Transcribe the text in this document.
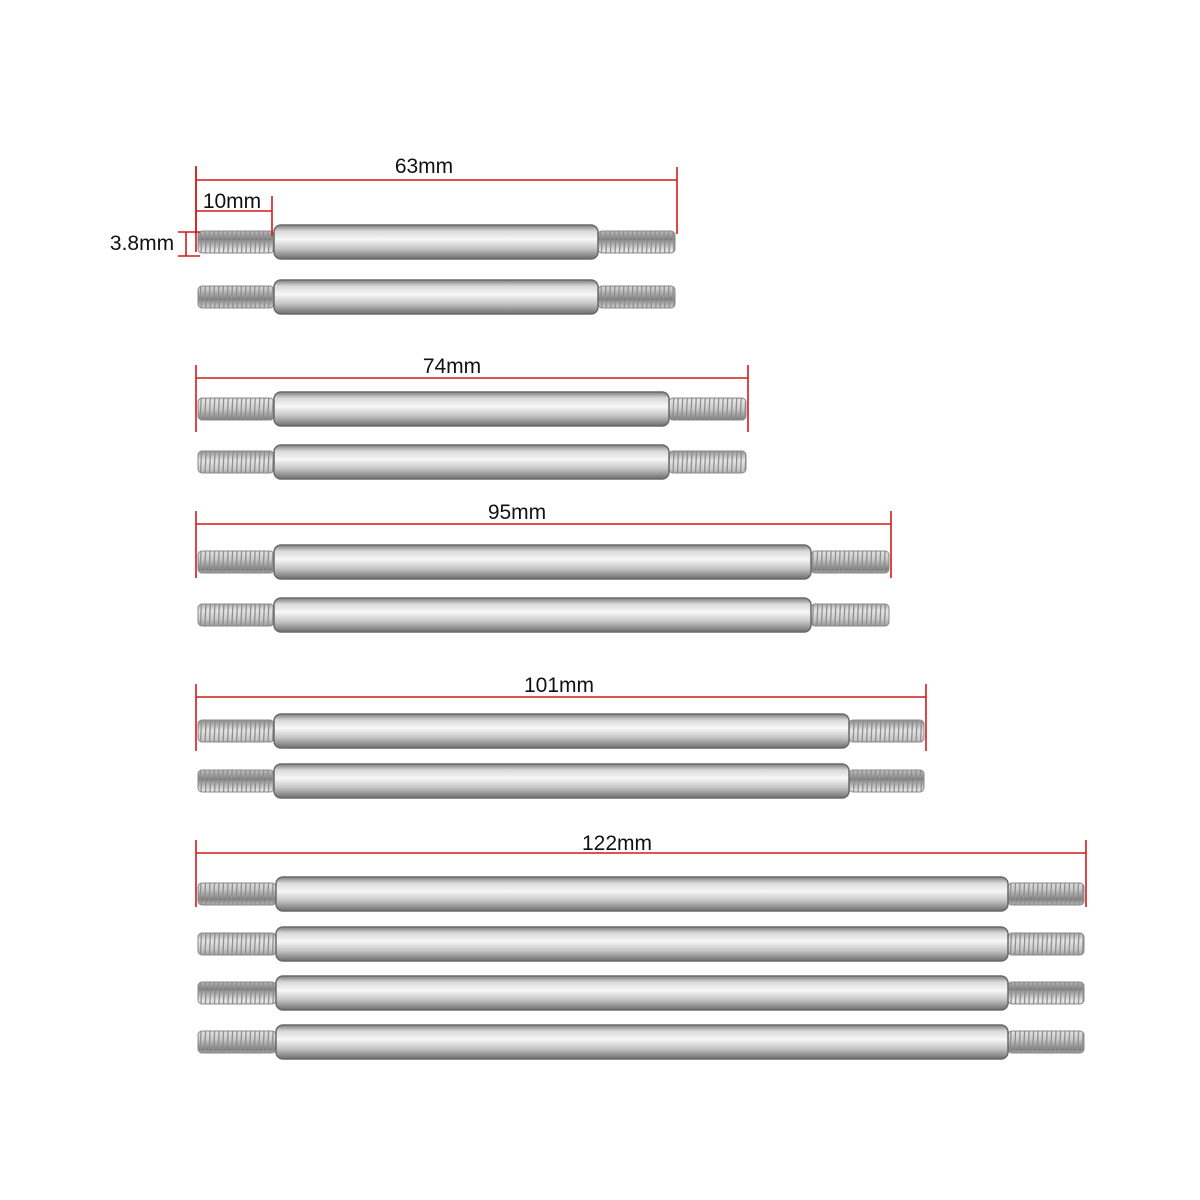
63mm
74mm
95mm
101mm
122mm
10mm
3.8mm
